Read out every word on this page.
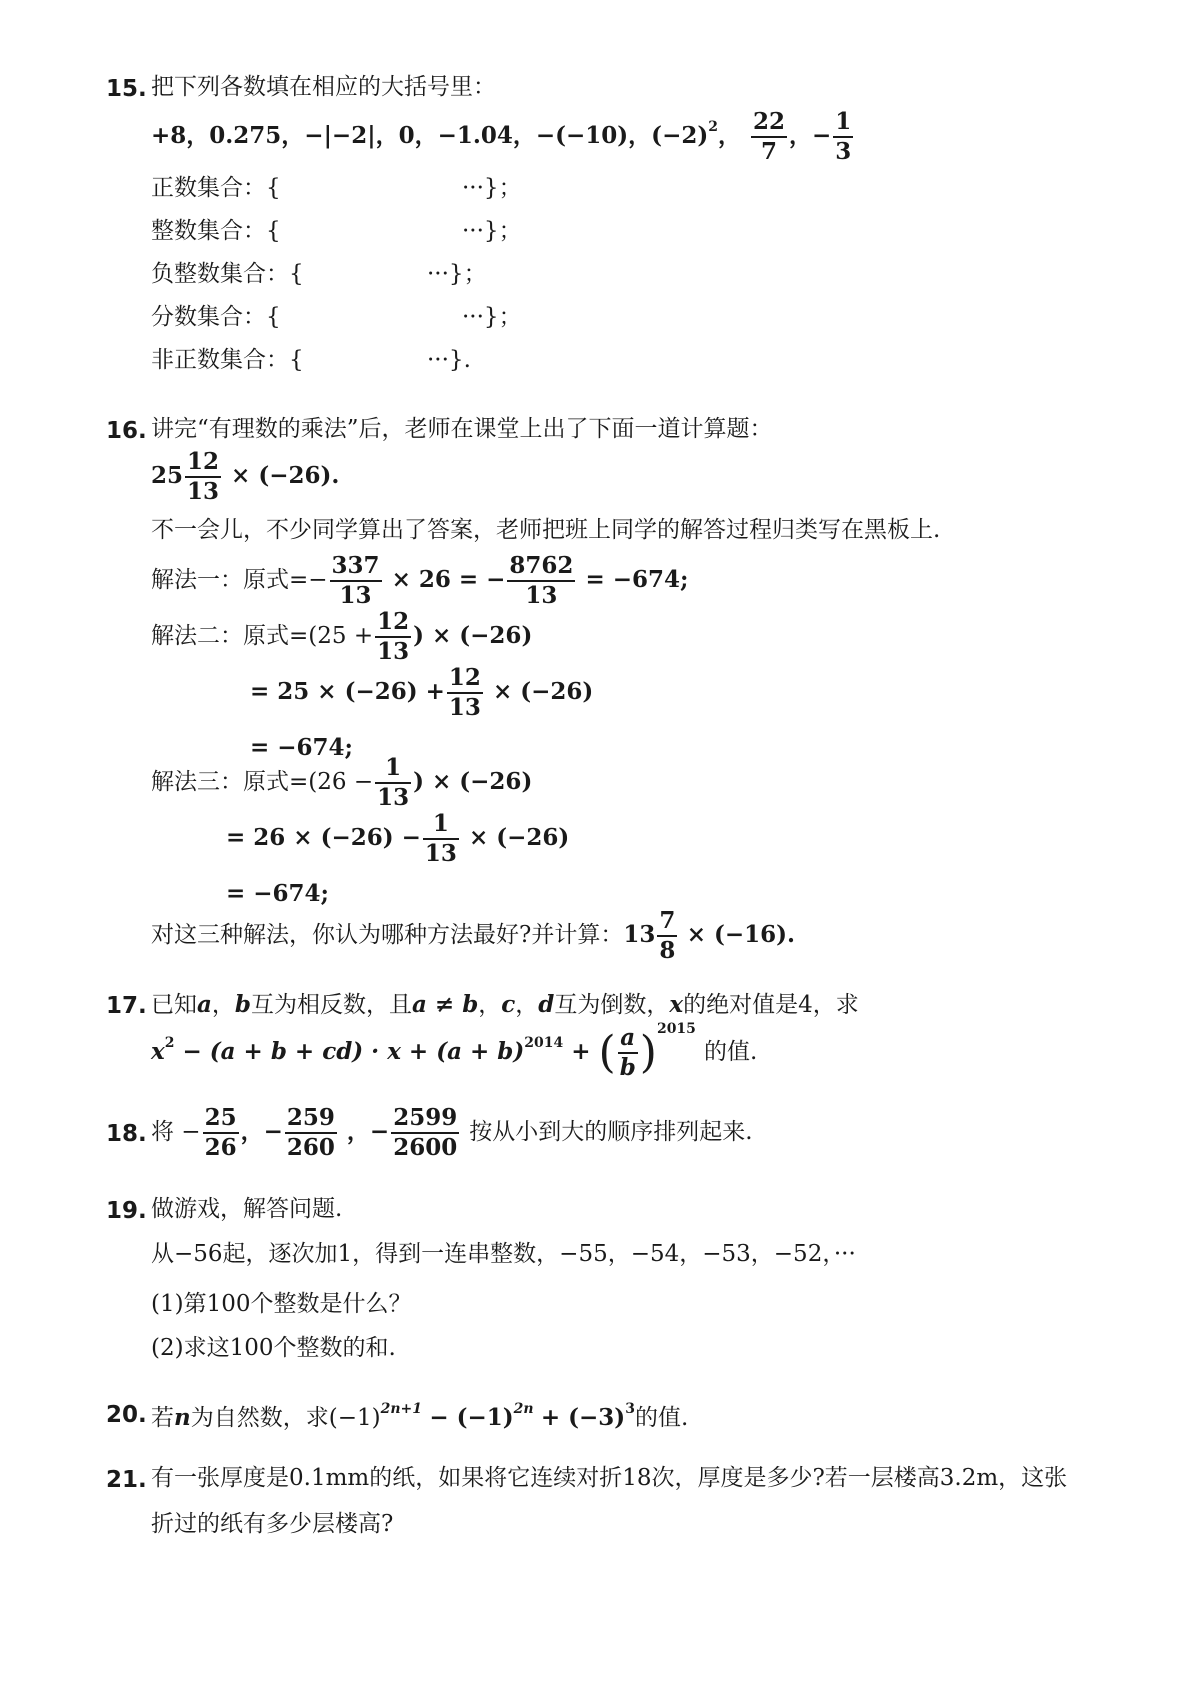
15. 把下列各数填在相应的大括号里：
+8，0.275，−|−2|，0，−1.04，−(−10)，$(-2)^2$， $\frac{22}{7}$ ，− $\frac{1}{3}$
正数集合：{	···}；
整数集合：{	···}；
负整数集合：{	···}；
分数集合：{	···}；
非正数集合：{	···}.
16. 讲完“有理数的乘法”后，老师在课堂上出了下面一道计算题：
$25 \frac{12}{13} \times (-26)$.
不一会儿，不少同学算出了答案，老师把班上同学的解答过程归类写在黑板上.
解法一：原式=− $\frac{337}{13} \times 26$ = − $\frac{8762}{13} = -674$;
解法二：原式$=(25 + \frac{12}{13}$ ) × (−26)
= $25 \times (-26) + \frac{12}{13} \times (-26)$
= −674;
解法三：原式$=(26 - \frac{1}{13}$ ) × (−26)
= $26 \times (-26) - \frac{1}{13} \times (-26)$
= −674;
对这三种解法，你认为哪种方法最好?并计算：$13 \frac{7}{8} \times (-16)$.
17. 已知a，b互为相反数，且a ≠ b，c，d互为倒数，x的绝对值是4，求
$x^2 - (a + b + cd) \cdot x + (a + b)^{2014}$ + ( $\frac{a}{b} )^{2015}$ 的值.
18. 将 − $\frac{25}{26}$ ，− $\frac{259}{260}$ ，− $\frac{2599}{2600}$ 按从小到大的顺序排列起来.
19. 做游戏，解答问题.
从−56起，逐次加1，得到一连串整数，−55，−54，−53，−52，···
(1)第100个整数是什么？
(2)求这100个整数的和.
20. 若n为自然数，求$(-1)^{2n+1} - (-1)^{2n} + (-3)^3$的值.
21. 有一张厚度是0.1mm的纸，如果将它连续对折18次，厚度是多少?若一层楼高3.2m，这张
折过的纸有多少层楼高?
